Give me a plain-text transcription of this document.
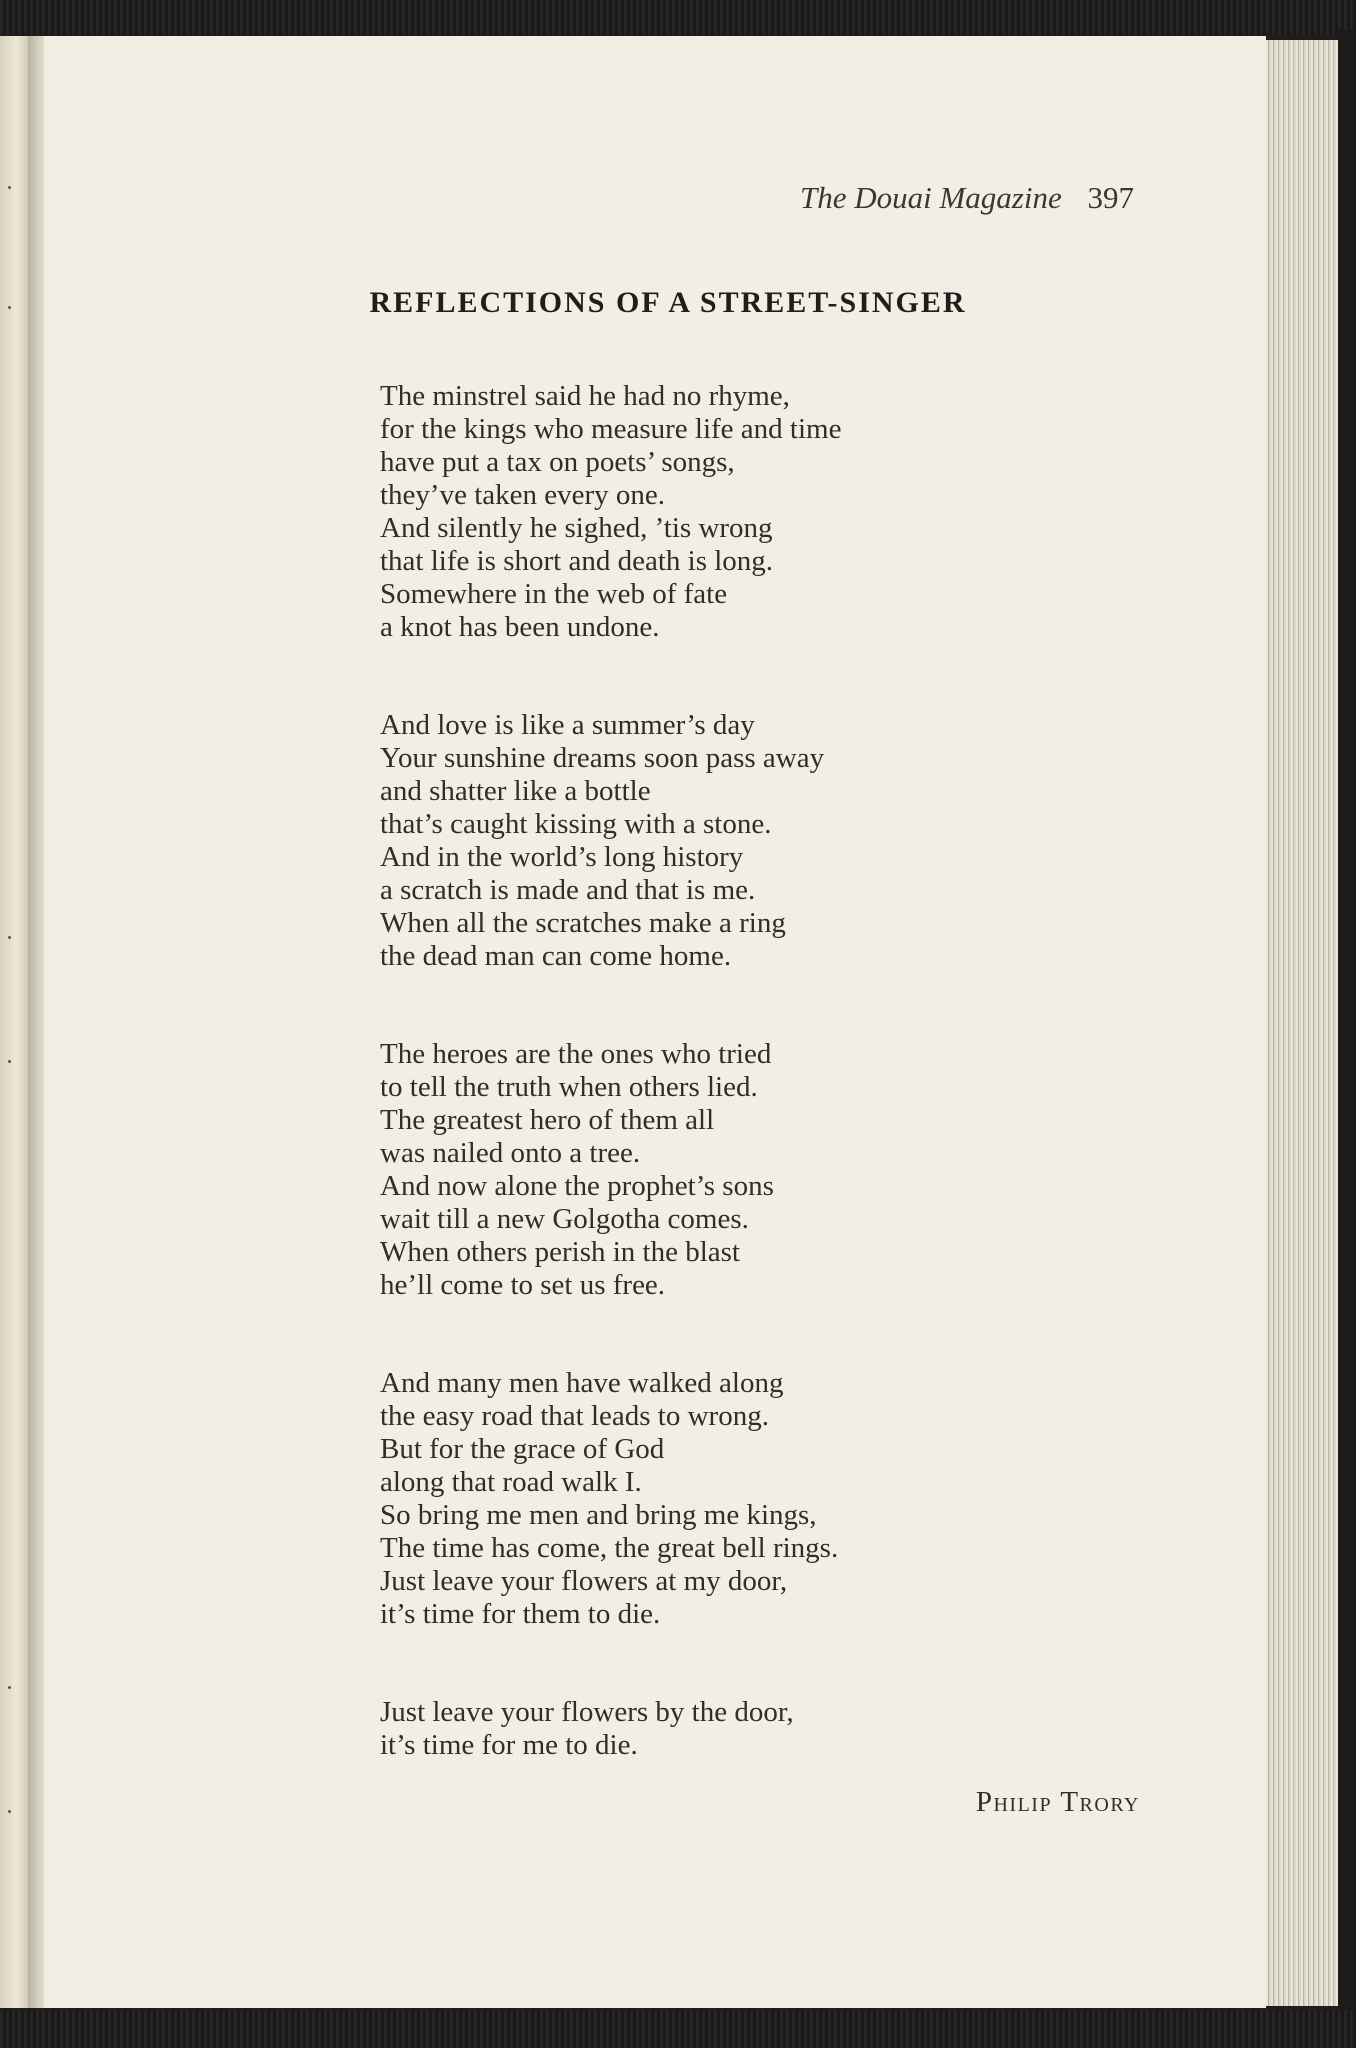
The Douai Magazine 397
REFLECTIONS OF A STREET-SINGER
The minstrel said he had no rhyme,
for the kings who measure life and time
have put a tax on poets’ songs,
they’ve taken every one.
And silently he sighed, ’tis wrong
that life is short and death is long.
Somewhere in the web of fate
a knot has been undone.
And love is like a summer’s day
Your sunshine dreams soon pass away
and shatter like a bottle
that’s caught kissing with a stone.
And in the world’s long history
a scratch is made and that is me.
When all the scratches make a ring
the dead man can come home.
The heroes are the ones who tried
to tell the truth when others lied.
The greatest hero of them all
was nailed onto a tree.
And now alone the prophet’s sons
wait till a new Golgotha comes.
When others perish in the blast
he’ll come to set us free.
And many men have walked along
the easy road that leads to wrong.
But for the grace of God
along that road walk I.
So bring me men and bring me kings,
The time has come, the great bell rings.
Just leave your flowers at my door,
it’s time for them to die.
Just leave your flowers by the door,
it’s time for me to die.
Philip Trory
